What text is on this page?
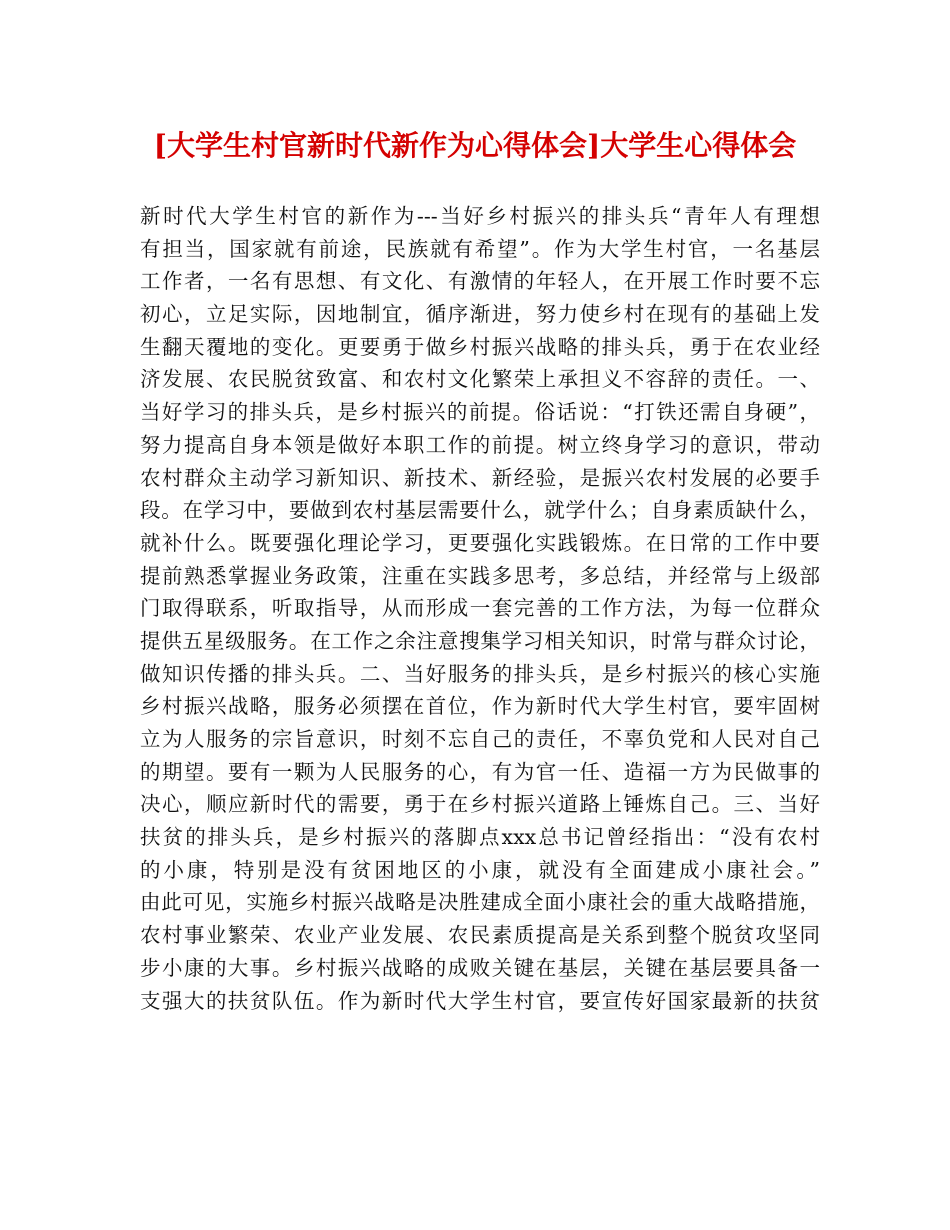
[大学生村官新时代新作为心得体会]大学生心得体会
新时代大学生村官的新作为---当好乡村振兴的排头兵“青年人有理想
有担当，国家就有前途，民族就有希望”。作为大学生村官，一名基层
工作者，一名有思想、有文化、有激情的年轻人，在开展工作时要不忘
初心，立足实际，因地制宜，循序渐进，努力使乡村在现有的基础上发
生翻天覆地的变化。更要勇于做乡村振兴战略的排头兵，勇于在农业经
济发展、农民脱贫致富、和农村文化繁荣上承担义不容辞的责任。一、
当好学习的排头兵，是乡村振兴的前提。俗话说：“打铁还需自身硬”，
努力提高自身本领是做好本职工作的前提。树立终身学习的意识，带动
农村群众主动学习新知识、新技术、新经验，是振兴农村发展的必要手
段。在学习中，要做到农村基层需要什么，就学什么；自身素质缺什么，
就补什么。既要强化理论学习，更要强化实践锻炼。在日常的工作中要
提前熟悉掌握业务政策，注重在实践多思考，多总结，并经常与上级部
门取得联系，听取指导，从而形成一套完善的工作方法，为每一位群众
提供五星级服务。在工作之余注意搜集学习相关知识，时常与群众讨论，
做知识传播的排头兵。二、当好服务的排头兵，是乡村振兴的核心实施
乡村振兴战略，服务必须摆在首位，作为新时代大学生村官，要牢固树
立为人服务的宗旨意识，时刻不忘自己的责任，不辜负党和人民对自己
的期望。要有一颗为人民服务的心，有为官一任、造福一方为民做事的
决心，顺应新时代的需要，勇于在乡村振兴道路上锤炼自己。三、当好
扶贫的排头兵，是乡村振兴的落脚点xxx总书记曾经指出：“没有农村
的小康，特别是没有贫困地区的小康，就没有全面建成小康社会。”
由此可见，实施乡村振兴战略是决胜建成全面小康社会的重大战略措施，
农村事业繁荣、农业产业发展、农民素质提高是关系到整个脱贫攻坚同
步小康的大事。乡村振兴战略的成败关键在基层，关键在基层要具备一
支强大的扶贫队伍。作为新时代大学生村官，要宣传好国家最新的扶贫
